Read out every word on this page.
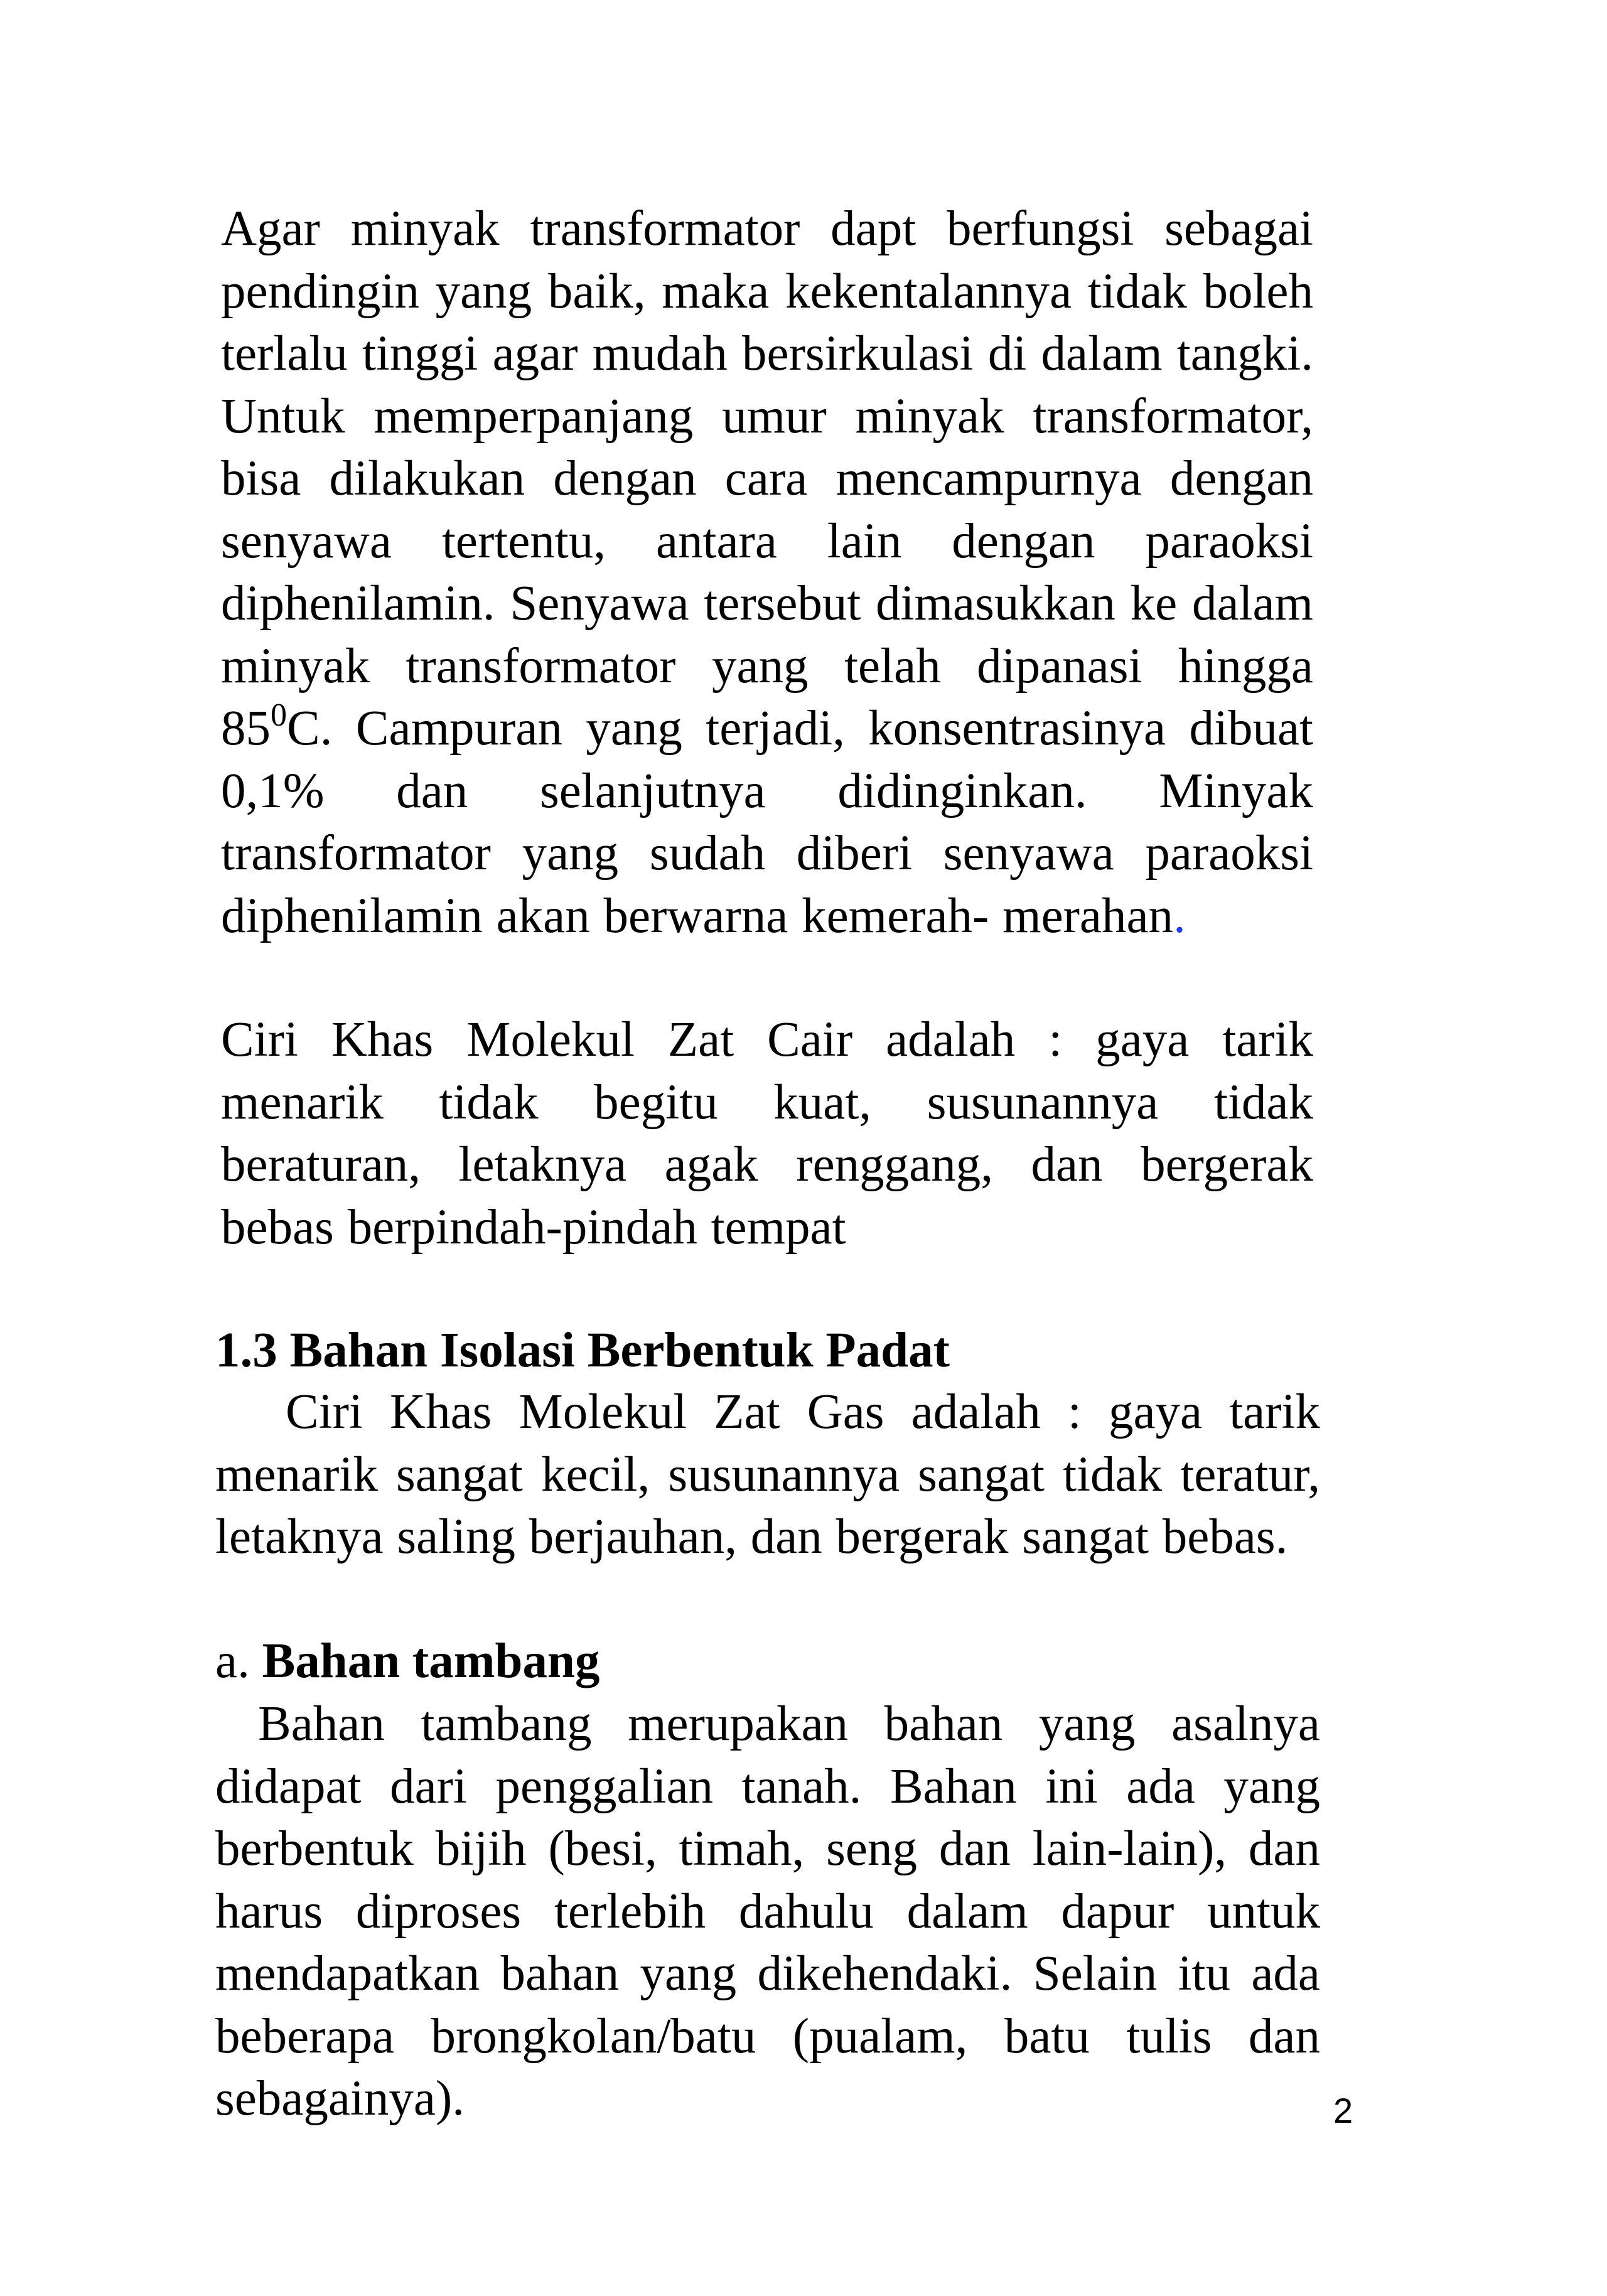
Agar minyak transformator dapt berfungsi sebagai pendingin yang baik, maka kekentalannya tidak boleh terlalu tinggi agar mudah bersirkulasi di dalam tangki. Untuk memperpanjang umur minyak transformator, bisa dilakukan dengan cara mencampurnya dengan senyawa tertentu, antara lain dengan paraoksi diphenilamin. Senyawa tersebut dimasukkan ke dalam minyak transformator yang telah dipanasi hingga $85^0C$. Campuran yang terjadi, konsentrasinya dibuat 0,1% dan selanjutnya didinginkan. Minyak transformator yang sudah diberi senyawa paraoksi diphenilamin akan berwarna kemerah- merahan.

Ciri Khas Molekul Zat Cair adalah : gaya tarik menarik tidak begitu kuat, susunannya tidak beraturan, letaknya agak renggang, dan bergerak bebas berpindah-pindah tempat

1.3 Bahan Isolasi Berbentuk Padat

Ciri Khas Molekul Zat Gas adalah : gaya tarik menarik sangat kecil, susunannya sangat tidak teratur, letaknya saling berjauhan, dan bergerak sangat bebas.

a. Bahan tambang

Bahan tambang merupakan bahan yang asalnya didapat dari penggalian tanah. Bahan ini ada yang berbentuk bijih (besi, timah, seng dan lain-lain), dan harus diproses terlebih dahulu dalam dapur untuk mendapatkan bahan yang dikehendaki. Selain itu ada beberapa brongkolan/batu (pualam, batu tulis dan sebagainya).	2
